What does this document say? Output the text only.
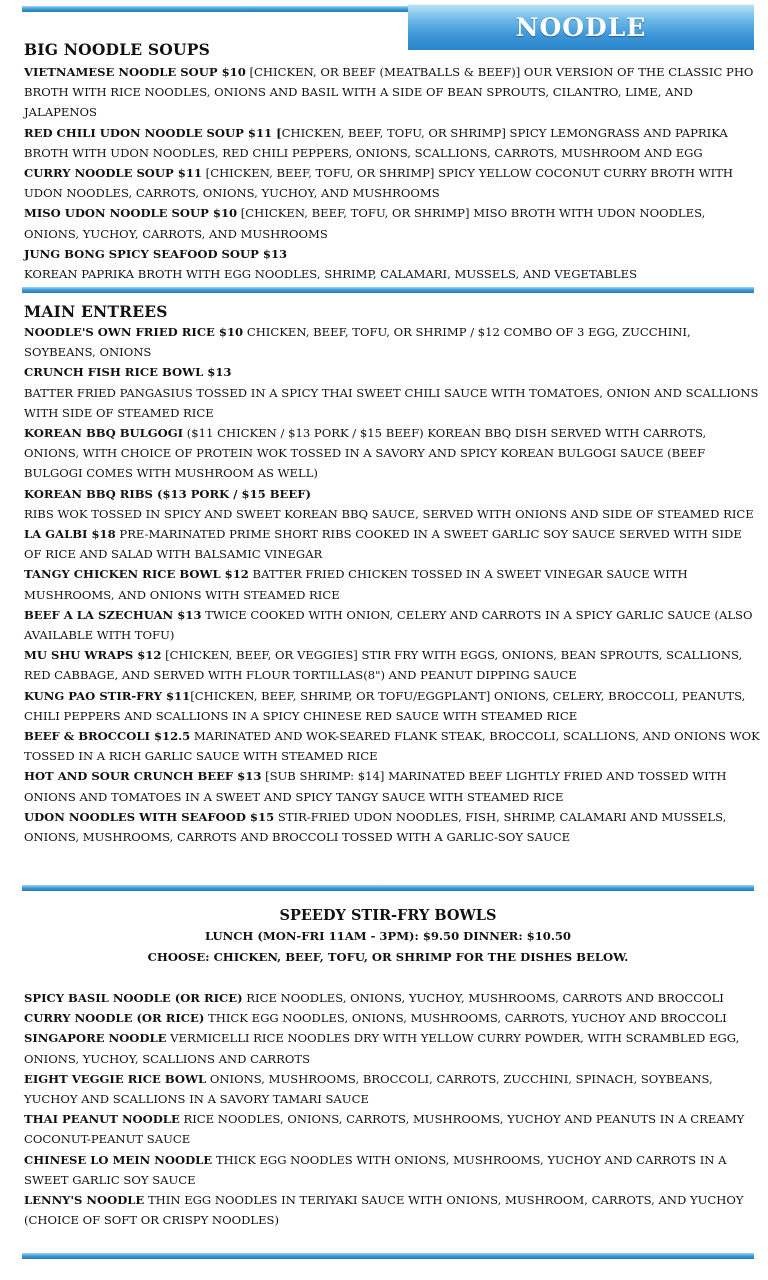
NOODLE
BIG NOODLE SOUPS
VIETNAMESE NOODLE SOUP $10 [CHICKEN, OR BEEF (MEATBALLS & BEEF)] OUR VERSION OF THE CLASSIC PHO BROTH WITH RICE NOODLES, ONIONS AND BASIL WITH A SIDE OF BEAN SPROUTS, CILANTRO, LIME, AND JALAPENOS
RED CHILI UDON NOODLE SOUP $11 [CHICKEN, BEEF, TOFU, OR SHRIMP] SPICY LEMONGRASS AND PAPRIKA BROTH WITH UDON NOODLES, RED CHILI PEPPERS, ONIONS, SCALLIONS, CARROTS, MUSHROOM AND EGG
CURRY NOODLE SOUP $11 [CHICKEN, BEEF, TOFU, OR SHRIMP] SPICY YELLOW COCONUT CURRY BROTH WITH UDON NOODLES, CARROTS, ONIONS, YUCHOY, AND MUSHROOMS
MISO UDON NOODLE SOUP $10 [CHICKEN, BEEF, TOFU, OR SHRIMP] MISO BROTH WITH UDON NOODLES, ONIONS, YUCHOY, CARROTS, AND MUSHROOMS
JUNG BONG SPICY SEAFOOD SOUP $13
KOREAN PAPRIKA BROTH WITH EGG NOODLES, SHRIMP, CALAMARI, MUSSELS, AND VEGETABLES
MAIN ENTREES
NOODLE'S OWN FRIED RICE $10 CHICKEN, BEEF, TOFU, OR SHRIMP / $12 COMBO OF 3 EGG, ZUCCHINI, SOYBEANS, ONIONS
CRUNCH FISH RICE BOWL $13
BATTER FRIED PANGASIUS TOSSED IN A SPICY THAI SWEET CHILI SAUCE WITH TOMATOES, ONION AND SCALLIONS WITH SIDE OF STEAMED RICE
KOREAN BBQ BULGOGI ($11 CHICKEN / $13 PORK / $15 BEEF) KOREAN BBQ DISH SERVED WITH CARROTS, ONIONS, WITH CHOICE OF PROTEIN WOK TOSSED IN A SAVORY AND SPICY KOREAN BULGOGI SAUCE (BEEF BULGOGI COMES WITH MUSHROOM AS WELL)
KOREAN BBQ RIBS ($13 PORK / $15 BEEF)
RIBS WOK TOSSED IN SPICY AND SWEET KOREAN BBQ SAUCE, SERVED WITH ONIONS AND SIDE OF STEAMED RICE
LA GALBI $18 PRE-MARINATED PRIME SHORT RIBS COOKED IN A SWEET GARLIC SOY SAUCE SERVED WITH SIDE OF RICE AND SALAD WITH BALSAMIC VINEGAR
TANGY CHICKEN RICE BOWL $12 BATTER FRIED CHICKEN TOSSED IN A SWEET VINEGAR SAUCE WITH MUSHROOMS, AND ONIONS WITH STEAMED RICE
BEEF A LA SZECHUAN $13 TWICE COOKED WITH ONION, CELERY AND CARROTS IN A SPICY GARLIC SAUCE (ALSO AVAILABLE WITH TOFU)
MU SHU WRAPS $12 [CHICKEN, BEEF, OR VEGGIES] STIR FRY WITH EGGS, ONIONS, BEAN SPROUTS, SCALLIONS, RED CABBAGE, AND SERVED WITH FLOUR TORTILLAS(8") AND PEANUT DIPPING SAUCE
KUNG PAO STIR-FRY $11[CHICKEN, BEEF, SHRIMP, OR TOFU/EGGPLANT] ONIONS, CELERY, BROCCOLI, PEANUTS, CHILI PEPPERS AND SCALLIONS IN A SPICY CHINESE RED SAUCE WITH STEAMED RICE
BEEF & BROCCOLI $12.5 MARINATED AND WOK-SEARED FLANK STEAK, BROCCOLI, SCALLIONS, AND ONIONS WOK TOSSED IN A RICH GARLIC SAUCE WITH STEAMED RICE
HOT AND SOUR CRUNCH BEEF $13 [SUB SHRIMP: $14] MARINATED BEEF LIGHTLY FRIED AND TOSSED WITH ONIONS AND TOMATOES IN A SWEET AND SPICY TANGY SAUCE WITH STEAMED RICE
UDON NOODLES WITH SEAFOOD $15 STIR-FRIED UDON NOODLES, FISH, SHRIMP, CALAMARI AND MUSSELS, ONIONS, MUSHROOMS, CARROTS AND BROCCOLI TOSSED WITH A GARLIC-SOY SAUCE
SPEEDY STIR-FRY BOWLS
LUNCH (MON-FRI 11AM - 3PM): $9.50 DINNER: $10.50
CHOOSE: CHICKEN, BEEF, TOFU, OR SHRIMP FOR THE DISHES BELOW.
SPICY BASIL NOODLE (OR RICE) RICE NOODLES, ONIONS, YUCHOY, MUSHROOMS, CARROTS AND BROCCOLI
CURRY NOODLE (OR RICE) THICK EGG NOODLES, ONIONS, MUSHROOMS, CARROTS, YUCHOY AND BROCCOLI
SINGAPORE NOODLE VERMICELLI RICE NOODLES DRY WITH YELLOW CURRY POWDER, WITH SCRAMBLED EGG, ONIONS, YUCHOY, SCALLIONS AND CARROTS
EIGHT VEGGIE RICE BOWL ONIONS, MUSHROOMS, BROCCOLI, CARROTS, ZUCCHINI, SPINACH, SOYBEANS, YUCHOY AND SCALLIONS IN A SAVORY TAMARI SAUCE
THAI PEANUT NOODLE RICE NOODLES, ONIONS, CARROTS, MUSHROOMS, YUCHOY AND PEANUTS IN A CREAMY COCONUT-PEANUT SAUCE
CHINESE LO MEIN NOODLE THICK EGG NOODLES WITH ONIONS, MUSHROOMS, YUCHOY AND CARROTS IN A SWEET GARLIC SOY SAUCE
LENNY'S NOODLE THIN EGG NOODLES IN TERIYAKI SAUCE WITH ONIONS, MUSHROOM, CARROTS, AND YUCHOY (CHOICE OF SOFT OR CRISPY NOODLES)
